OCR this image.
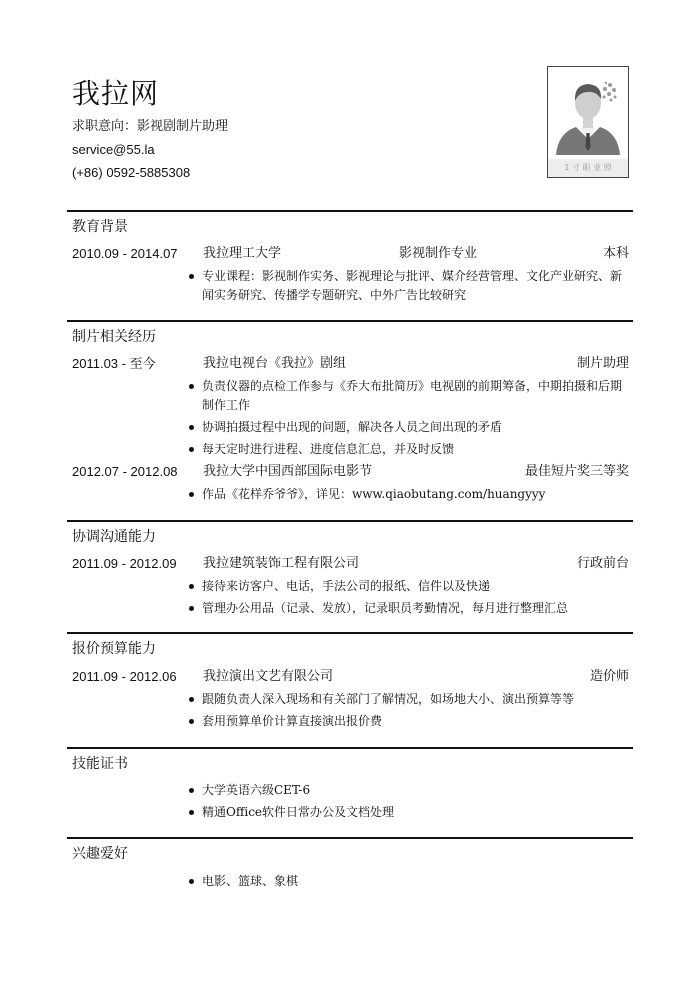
我拉网
求职意向：影视剧制片助理
service@55.la
(+86) 0592-5885308	1 寸 职 业 照
教育背景
2010.09 - 2014.07 我拉理工大学	影视制作专业	本科
专业课程：影视制作实务、影视理论与批评、媒介经营管理、文化产业研究、新闻实务研究、传播学专题研究、中外广告比较研究
制片相关经历
2011.03 - 至今	我拉电视台《我拉》剧组	制片助理
负责仪器的点检工作参与《乔大布批简历》电视剧的前期筹备，中期拍摄和后期制作工作
协调拍摄过程中出现的问题，解决各人员之间出现的矛盾
每天定时进行进程、进度信息汇总，并及时反馈
2012.07 - 2012.08 我拉大学中国西部国际电影节	最佳短片奖三等奖
作品《花样乔爷爷》，详见：www.qiaobutang.com/huangyyy
协调沟通能力
2011.09 - 2012.09 我拉建筑装饰工程有限公司	行政前台
接待来访客户、电话，手法公司的报纸、信件以及快递
管理办公用品（记录、发放），记录职员考勤情况，每月进行整理汇总
报价预算能力
2011.09 - 2012.06 我拉演出文艺有限公司	造价师
跟随负责人深入现场和有关部门了解情况，如场地大小、演出预算等等
套用预算单价计算直接演出报价费
技能证书
大学英语六级CET-6
精通Office软件日常办公及文档处理
兴趣爱好
电影、篮球、象棋
